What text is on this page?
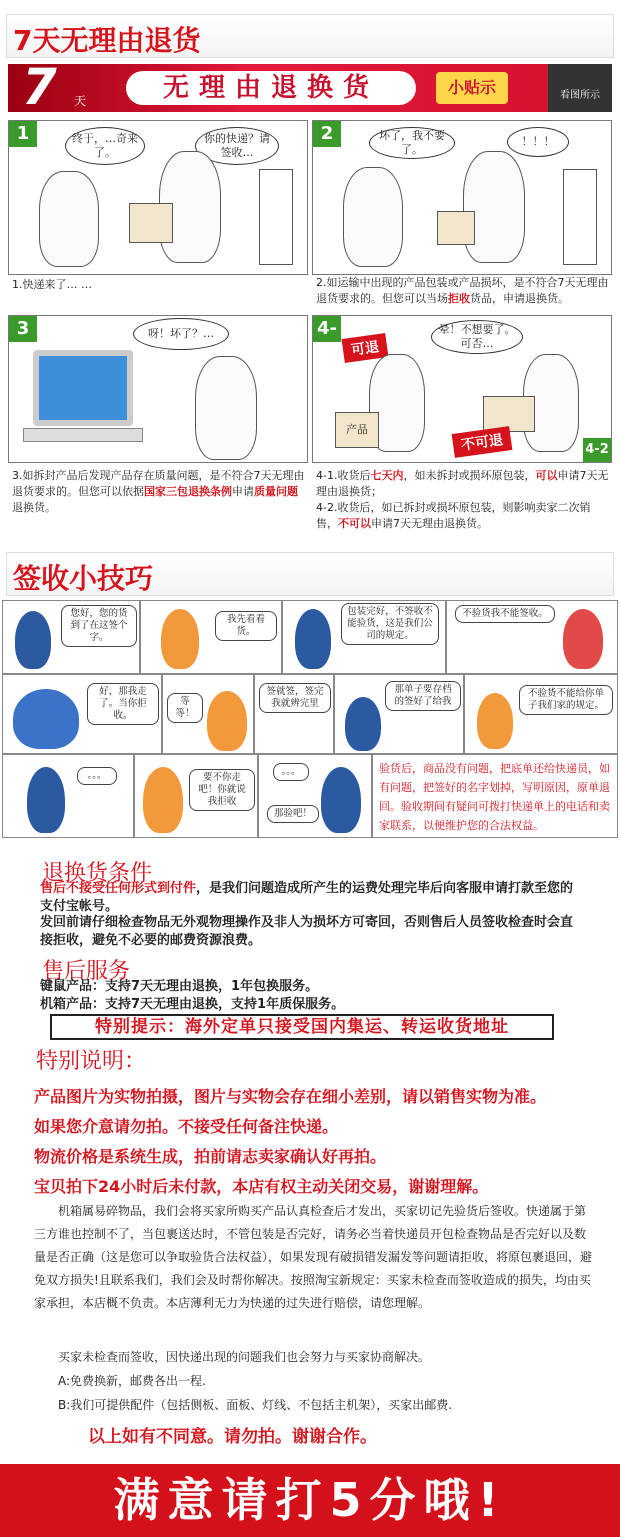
7天无理由退货
7 天	无理由退换货	小贴示	看图所示
1	终于，…奇来了。
你的快递？请签收…
1.快递来了… …
2	坏了，我不要了。
！！！
2.如运输中出现的产品包装或产品损坏，是不符合7天无理由退货要求的。但您可以当场拒收货品，申请退换货。
3	呀！坏了？…
3.如拆封产品后发现产品存在质量问题，是不符合7天无理由退货要求的。但您可以依据国家三包退换条例申请质量问题退换货。
4-1	可退
晕！不想要了。可否…
产品
不可退	4-2
4-1.收货后七天内，如未拆封或损坏原包装，可以申请7天无理由退换货；
4-2.收货后，如已拆封或损坏原包装，则影响卖家二次销售，不可以申请7天无理由退换货。
签收小技巧
您好，您的货到了在这签个字。
我先看看货。
包装完好，不签收不能验货，这是我们公司的规定。
不验货我不能签收。
好，那我走了。当你拒收。
等等！
签就签，签完我就辨完里
那单子要存档的签好了给我
不验货不能给你单子我们家的规定。
。。。	要不你走吧！你就说我拒收
。。。
那验吧！
验货后，商品没有问题，把底单还给快递员，如有问题，把签好的名字划掉，写明原因，原单退回。验收期间有疑问可拨打快递单上的电话和卖家联系，以便维护您的合法权益。
退换货条件
售后不接受任何形式到付件，是我们问题造成所产生的运费处理完毕后向客服申请打款至您的支付宝帐号。
发回前请仔细检查物品无外观物理操作及非人为损坏方可寄回，否则售后人员签收检查时会直接拒收，避免不必要的邮费资源浪费。
售后服务
键鼠产品：支持7天无理由退换，1年包换服务。
机箱产品：支持7天无理由退换，支持1年质保服务。
特别提示：海外定单只接受国内集运、转运收货地址
特别说明：
产品图片为实物拍摄，图片与实物会存在细小差别，请以销售实物为准。
如果您介意请勿拍。不接受任何备注快递。
物流价格是系统生成，拍前请志卖家确认好再拍。
宝贝拍下24小时后未付款，本店有权主动关闭交易，谢谢理解。
　　机箱属易碎物品，我们会将买家所购买产品认真检查后才发出，买家切记先验货后签收。快递属于第三方谁也控制不了，当包裹送达时，不管包装是否完好，请务必当着快递员开包检查物品是否完好以及数量是否正确（这是您可以争取验货合法权益），如果发现有破损错发漏发等问题请拒收，将原包裹退回，避免双方损失!且联系我们，我们会及时帮你解决。按照淘宝新规定：买家未检查而签收造成的损失，均由买家承担，本店概不负责。本店薄利无力为快递的过失进行赔偿，请您理解。
　　买家未检查而签收，因快递出现的问题我们也会努力与买家协商解决。
　　A:免费换新，邮费各出一程.
　　B:我们可提供配件（包括侧板、面板、灯线、不包括主机架），买家出邮费.
以上如有不同意。请勿拍。谢谢合作。
满意请打5分哦!
